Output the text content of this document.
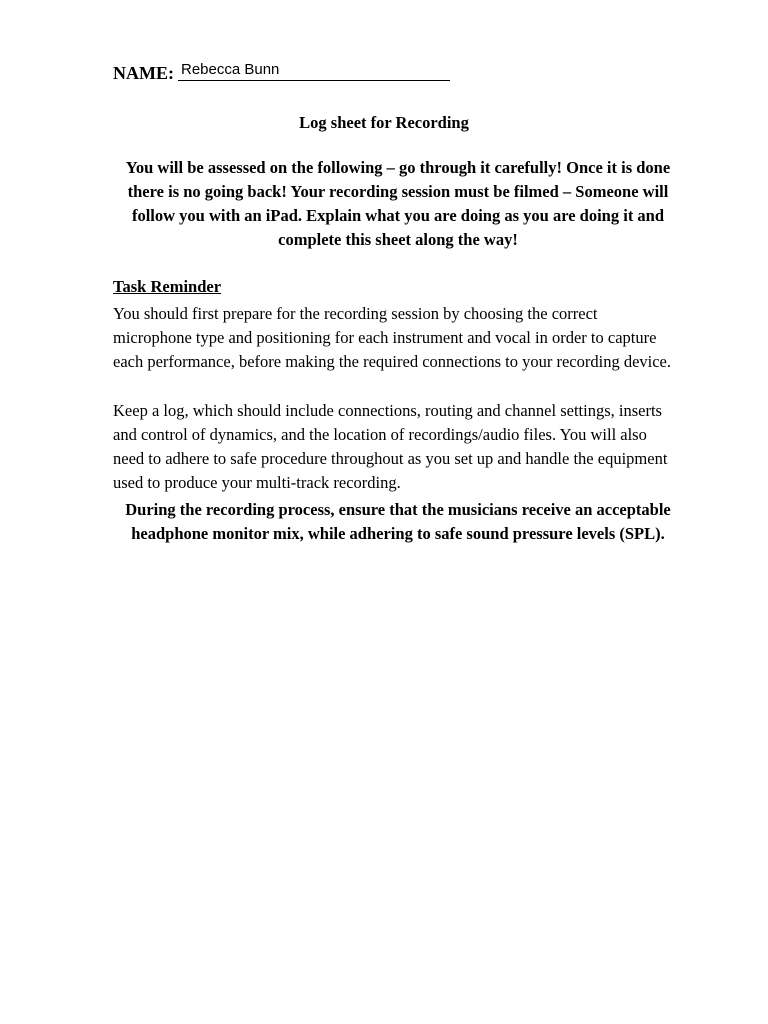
NAME: Rebecca Bunn
Log sheet for Recording

You will be assessed on the following – go through it carefully! Once it is done there is no going back! Your recording session must be filmed – Someone will follow you with an iPad. Explain what you are doing as you are doing it and complete this sheet along the way!

Task Reminder

You should first prepare for the recording session by choosing the correct microphone type and positioning for each instrument and vocal in order to capture each performance, before making the required connections to your recording device.

Keep a log, which should include connections, routing and channel settings, inserts and control of dynamics, and the location of recordings/audio files. You will also need to adhere to safe procedure throughout as you set up and handle the equipment used to produce your multi-track recording.

During the recording process, ensure that the musicians receive an acceptable headphone monitor mix, while adhering to safe sound pressure levels (SPL).
